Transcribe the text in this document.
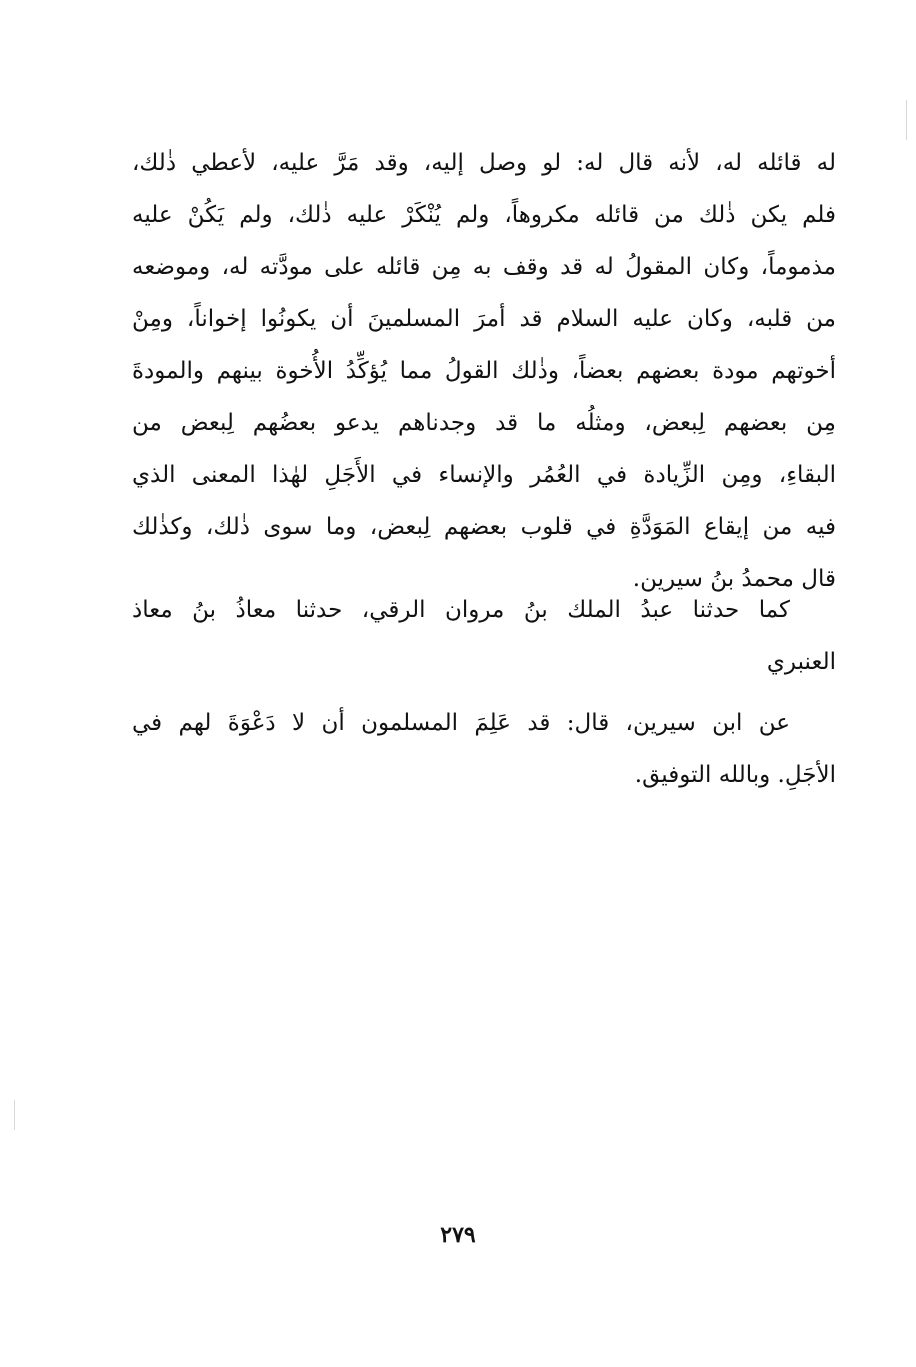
له قائله له، لأنه قال له: لو وصل إليه، وقد مَرَّ عليه، لأعطي ذٰلك،
فلم يكن ذٰلك من قائله مكروهاً، ولم يُنْكَرْ عليه ذٰلك، ولم يَكُنْ عليه
مذموماً، وكان المقولُ له قد وقف به مِن قائله على مودَّته له، وموضعه
من قلبه، وكان عليه السلام قد أمرَ المسلمينَ أن يكونُوا إخواناً، ومِنْ
أخوتهم مودة بعضهم بعضاً، وذٰلك القولُ مما يُؤكِّدُ الأُخوة بينهم والمودةَ
مِن بعضهم لِبعض، ومثلُه ما قد وجدناهم يدعو بعضُهم لِبعض من
البقاءِ، ومِن الزِّيادة في العُمُر والإنساء في الأَجَلِ لهٰذا المعنى الذي
فيه من إيقاع المَوَدَّةِ في قلوب بعضهم لِبعض، وما سوى ذٰلك، وكذٰلك
قال محمدُ بنُ سيرين.
كما حدثنا عبدُ الملك بنُ مروان الرقي، حدثنا معاذُ بنُ معاذ
العنبري
عن ابن سيرين، قال: قد عَلِمَ المسلمون أن لا دَعْوَةَ لهم في
الأجَلِ. وبالله التوفيق.
٢٧٩
